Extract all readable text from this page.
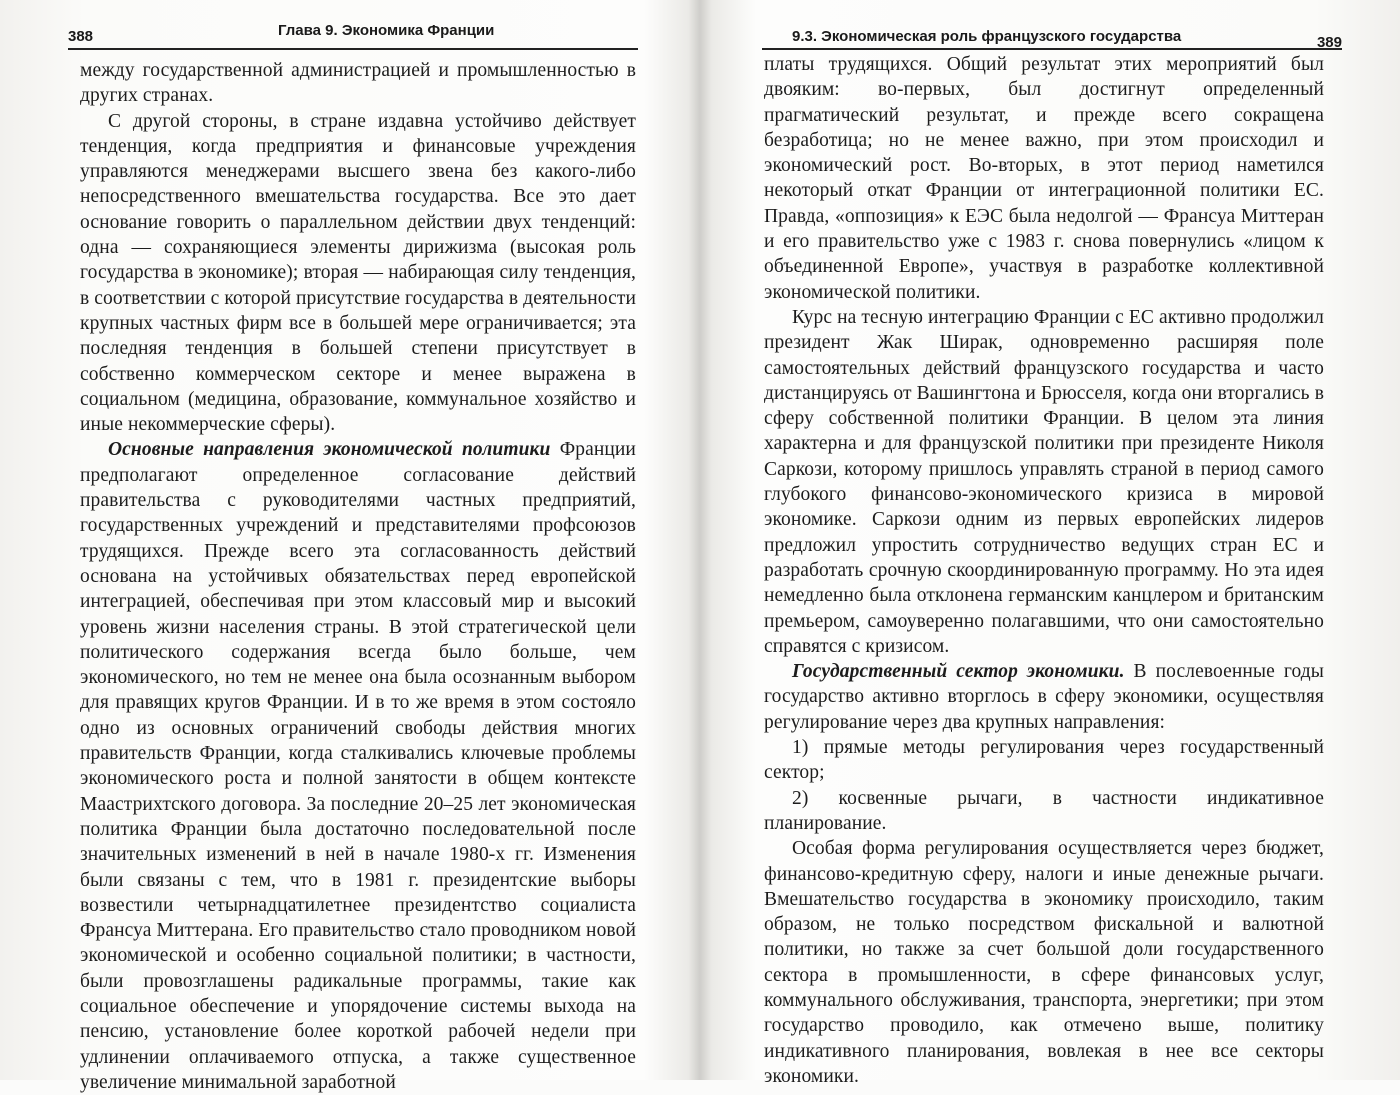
388	Глава 9. Экономика Франции

между государственной администрацией и промышленностью в других странах.

С другой стороны, в стране издавна устойчиво действует тенденция, когда предприятия и финансовые учреждения управляются менеджерами высшего звена без какого-либо непосредственного вмешательства государства. Все это дает основание говорить о параллельном действии двух тенденций: одна — сохраняющиеся элементы дирижизма (высокая роль государства в экономике); вторая — набирающая силу тенденция, в соответствии с которой присутствие государства в деятельности крупных частных фирм все в большей мере ограничивается; эта последняя тенденция в большей степени присутствует в собственно коммерческом секторе и менее выражена в социальном (медицина, образование, коммунальное хозяйство и иные некоммерческие сферы).

Основные направления экономической политики Франции предполагают определенное согласование действий правительства с руководителями частных предприятий, государственных учреждений и представителями профсоюзов трудящихся. Прежде всего эта согласованность действий основана на устойчивых обязательствах перед европейской интеграцией, обеспечивая при этом классовый мир и высокий уровень жизни населения страны. В этой стратегической цели политического содержания всегда было больше, чем экономического, но тем не менее она была осознанным выбором для правящих кругов Франции. И в то же время в этом состояло одно из основных ограничений свободы действия многих правительств Франции, когда сталкивались ключевые проблемы экономического роста и полной занятости в общем контексте Маастрихтского договора. За последние 20–25 лет экономическая политика Франции была достаточно последовательной после значительных изменений в ней в начале 1980-х гг. Изменения были связаны с тем, что в 1981 г. президентские выборы возвестили четырнадцатилетнее президентство социалиста Франсуа Миттерана. Его правительство стало проводником новой экономической и особенно социальной политики; в частности, были провозглашены радикальные программы, такие как социальное обеспечение и упорядочение системы выхода на пенсию, установление более короткой рабочей недели при удлинении оплачиваемого отпуска, а также существенное увеличение минимальной заработной

9.3. Экономическая роль французского государства	389

платы трудящихся. Общий результат этих мероприятий был двояким: во-первых, был достигнут определенный прагматический результат, и прежде всего сокращена безработица; но не менее важно, при этом происходил и экономический рост. Во-вторых, в этот период наметился некоторый откат Франции от интеграционной политики ЕС. Правда, «оппозиция» к ЕЭС была недолгой — Франсуа Миттеран и его правительство уже с 1983 г. снова повернулись «лицом к объединенной Европе», участвуя в разработке коллективной экономической политики.

Курс на тесную интеграцию Франции с ЕС активно продолжил президент Жак Ширак, одновременно расширяя поле самостоятельных действий французского государства и часто дистанцируясь от Вашингтона и Брюсселя, когда они вторгались в сферу собственной политики Франции. В целом эта линия характерна и для французской политики при президенте Николя Саркози, которому пришлось управлять страной в период самого глубокого финансово-экономического кризиса в мировой экономике. Саркози одним из первых европейских лидеров предложил упростить сотрудничество ведущих стран ЕС и разработать срочную скоординированную программу. Но эта идея немедленно была отклонена германским канцлером и британским премьером, самоуверенно полагавшими, что они самостоятельно справятся с кризисом.

Государственный сектор экономики. В послевоенные годы государство активно вторглось в сферу экономики, осуществляя регулирование через два крупных направления:

1) прямые методы регулирования через государственный сектор;

2) косвенные рычаги, в частности индикативное планирование.

Особая форма регулирования осуществляется через бюджет, финансово-кредитную сферу, налоги и иные денежные рычаги. Вмешательство государства в экономику происходило, таким образом, не только посредством фискальной и валютной политики, но также за счет большой доли государственного сектора в промышленности, в сфере финансовых услуг, коммунального обслуживания, транспорта, энергетики; при этом государство проводило, как отмечено выше, политику индикативного планирования, вовлекая в нее все секторы экономики.
